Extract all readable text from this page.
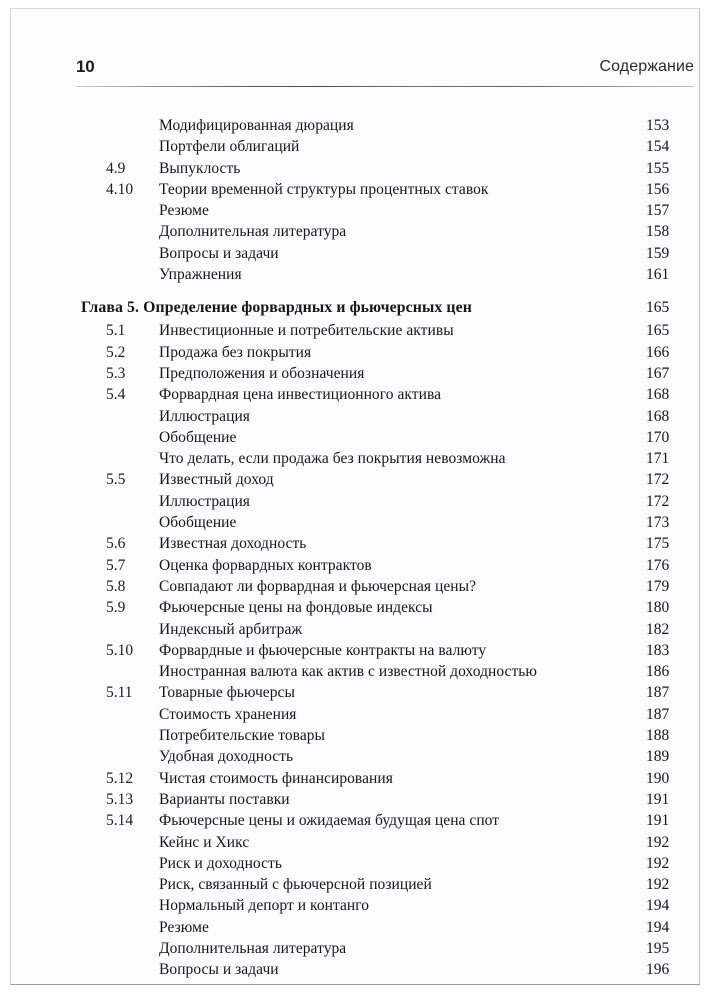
10	Содержание
Модифицированная дюрация	153
Портфели облигаций	154
4.9	Выпуклость	155
4.10	Теории временной структуры процентных ставок	156
Резюме	157
Дополнительная литература	158
Вопросы и задачи	159
Упражнения	161
Глава 5. Определение форвардных и фьючерсных цен	165
5.1	Инвестиционные и потребительские активы	165
5.2	Продажа без покрытия	166
5.3	Предположения и обозначения	167
5.4	Форвардная цена инвестиционного актива	168
Иллюстрация	168
Обобщение	170
Что делать, если продажа без покрытия невозможна	171
5.5	Известный доход	172
Иллюстрация	172
Обобщение	173
5.6	Известная доходность	175
5.7	Оценка форвардных контрактов	176
5.8	Совпадают ли форвардная и фьючерсная цены?	179
5.9	Фьючерсные цены на фондовые индексы	180
Индексный арбитраж	182
5.10	Форвардные и фьючерсные контракты на валюту	183
Иностранная валюта как актив с известной доходностью	186
5.11	Товарные фьючерсы	187
Стоимость хранения	187
Потребительские товары	188
Удобная доходность	189
5.12	Чистая стоимость финансирования	190
5.13	Варианты поставки	191
5.14	Фьючерсные цены и ожидаемая будущая цена спот	191
Кейнс и Хикс	192
Риск и доходность	192
Риск, связанный с фьючерсной позицией	192
Нормальный депорт и контанго	194
Резюме	194
Дополнительная литература	195
Вопросы и задачи	196
